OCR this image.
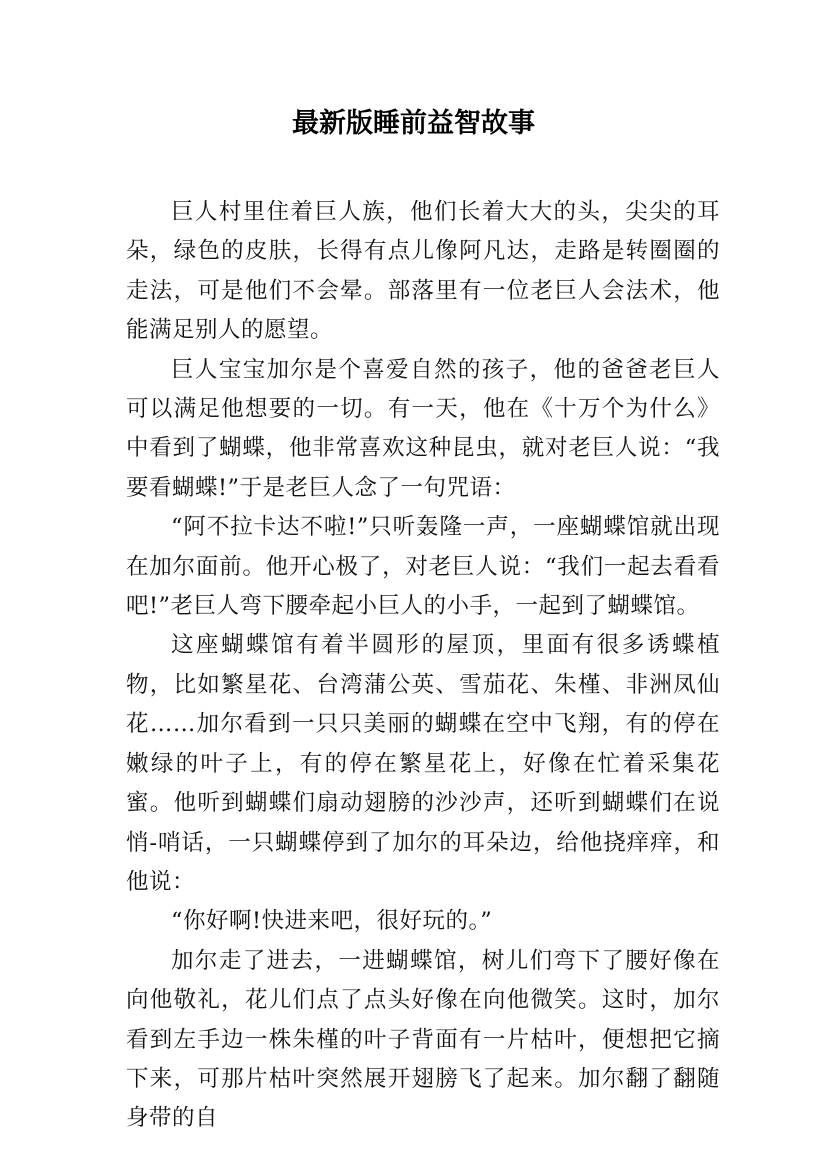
最新版睡前益智故事

巨人村里住着巨人族，他们长着大大的头，尖尖的耳朵，绿色的皮肤，长得有点儿像阿凡达，走路是转圈圈的走法，可是他们不会晕。部落里有一位老巨人会法术，他能满足别人的愿望。

巨人宝宝加尔是个喜爱自然的孩子，他的爸爸老巨人可以满足他想要的一切。有一天，他在《十万个为什么》中看到了蝴蝶，他非常喜欢这种昆虫，就对老巨人说：“我要看蝴蝶!”于是老巨人念了一句咒语：

“阿不拉卡达不啦!”只听轰隆一声，一座蝴蝶馆就出现在加尔面前。他开心极了，对老巨人说：“我们一起去看看吧!”老巨人弯下腰牵起小巨人的小手，一起到了蝴蝶馆。

这座蝴蝶馆有着半圆形的屋顶，里面有很多诱蝶植物，比如繁星花、台湾蒲公英、雪茄花、朱槿、非洲凤仙花……加尔看到一只只美丽的蝴蝶在空中飞翔，有的停在嫩绿的叶子上，有的停在繁星花上，好像在忙着采集花蜜。他听到蝴蝶们扇动翅膀的沙沙声，还听到蝴蝶们在说悄-哨话，一只蝴蝶停到了加尔的耳朵边，给他挠痒痒，和他说：

“你好啊!快进来吧，很好玩的。”

加尔走了进去，一进蝴蝶馆，树儿们弯下了腰好像在向他敬礼，花儿们点了点头好像在向他微笑。这时，加尔看到左手边一株朱槿的叶子背面有一片枯叶，便想把它摘下来，可那片枯叶突然展开翅膀飞了起来。加尔翻了翻随身带的自
